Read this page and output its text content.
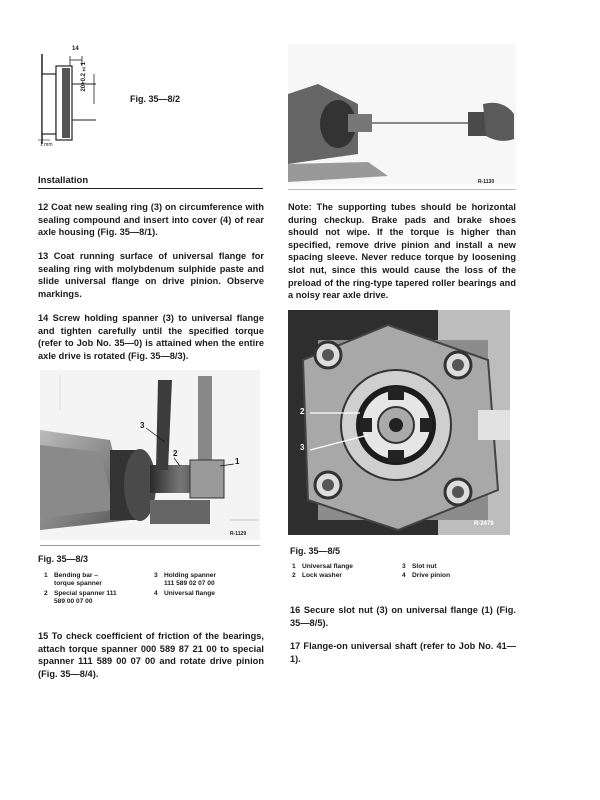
14
20+0.2 ±1
1 mm
Fig. 35—8/2
Installation
12 Coat new sealing ring (3) on circumference with sealing compound and insert into cover (4) of rear axle housing (Fig. 35—8/1).
13 Coat running surface of universal flange for sealing ring with molybdenum sulphide paste and slide universal flange on drive pinion. Observe markings.
14 Screw holding spanner (3) to universal flange and tighten carefully until the specified torque (refer to Job No. 35—0) is attained when the entire axle drive is rotated (Fig. 35—8/3).
3
2
1
R-1129
Fig. 35—8/3
1 Bending bar – torque spanner
3 Holding spanner 111 589 02 07 00
2 Special spanner 111 589 00 07 00
4 Universal flange
15 To check coefficient of friction of the bearings, attach torque spanner 000 589 87 21 00 to special spanner 111 589 00 07 00 and rotate drive pinion (Fig. 35—8/4).
R-1130
Note: The supporting tubes should be horizontal during checkup. Brake pads and brake shoes should not wipe. If the torque is higher than specified, remove drive pinion and install a new spacing sleeve. Never reduce torque by loosening slot nut, since this would cause the loss of the preload of the ring-type tapered roller bearings and a noisy rear axle drive.
2
3
R-2479
Fig. 35—8/5
1 Universal flange	3 Slot nut
2 Lock washer	4 Drive pinion
16 Secure slot nut (3) on universal flange (1) (Fig. 35—8/5).
17 Flange-on universal shaft (refer to Job No. 41—1).
